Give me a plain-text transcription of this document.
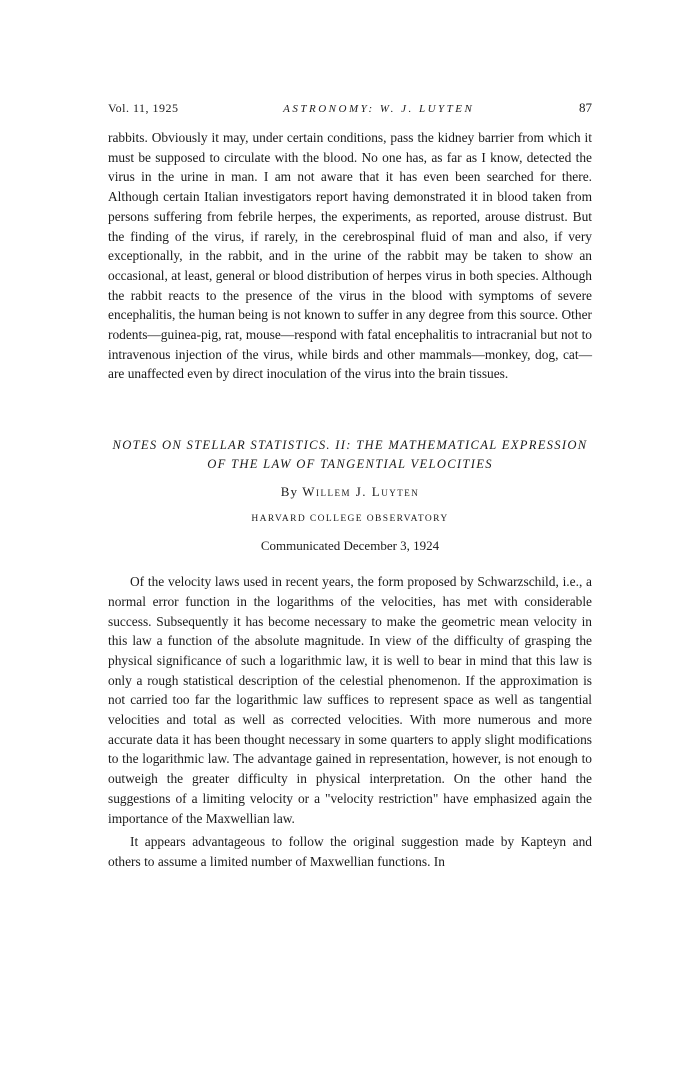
Vol. 11, 1925	ASTRONOMY: W. J. LUYTEN	87

rabbits. Obviously it may, under certain conditions, pass the kidney barrier from which it must be supposed to circulate with the blood. No one has, as far as I know, detected the virus in the urine in man. I am not aware that it has even been searched for there. Although certain Italian investigators report having demonstrated it in blood taken from persons suffering from febrile herpes, the experiments, as reported, arouse distrust. But the finding of the virus, if rarely, in the cerebrospinal fluid of man and also, if very exceptionally, in the rabbit, and in the urine of the rabbit may be taken to show an occasional, at least, general or blood distribution of herpes virus in both species. Although the rabbit reacts to the presence of the virus in the blood with symptoms of severe encephalitis, the human being is not known to suffer in any degree from this source. Other rodents—guinea-pig, rat, mouse—respond with fatal encephalitis to intracranial but not to intravenous injection of the virus, while birds and other mammals—monkey, dog, cat—are unaffected even by direct inoculation of the virus into the brain tissues.

NOTES ON STELLAR STATISTICS. II: THE MATHEMATICAL EXPRESSION OF THE LAW OF TANGENTIAL VELOCITIES
By Willem J. Luyten
HARVARD COLLEGE OBSERVATORY
Communicated December 3, 1924

Of the velocity laws used in recent years, the form proposed by Schwarzschild, i.e., a normal error function in the logarithms of the velocities, has met with considerable success. Subsequently it has become necessary to make the geometric mean velocity in this law a function of the absolute magnitude. In view of the difficulty of grasping the physical significance of such a logarithmic law, it is well to bear in mind that this law is only a rough statistical description of the celestial phenomenon. If the approximation is not carried too far the logarithmic law suffices to represent space as well as tangential velocities and total as well as corrected velocities. With more numerous and more accurate data it has been thought necessary in some quarters to apply slight modifications to the logarithmic law. The advantage gained in representation, however, is not enough to outweigh the greater difficulty in physical interpretation. On the other hand the suggestions of a limiting velocity or a "velocity restriction" have emphasized again the importance of the Maxwellian law.

It appears advantageous to follow the original suggestion made by Kapteyn and others to assume a limited number of Maxwellian functions. In
